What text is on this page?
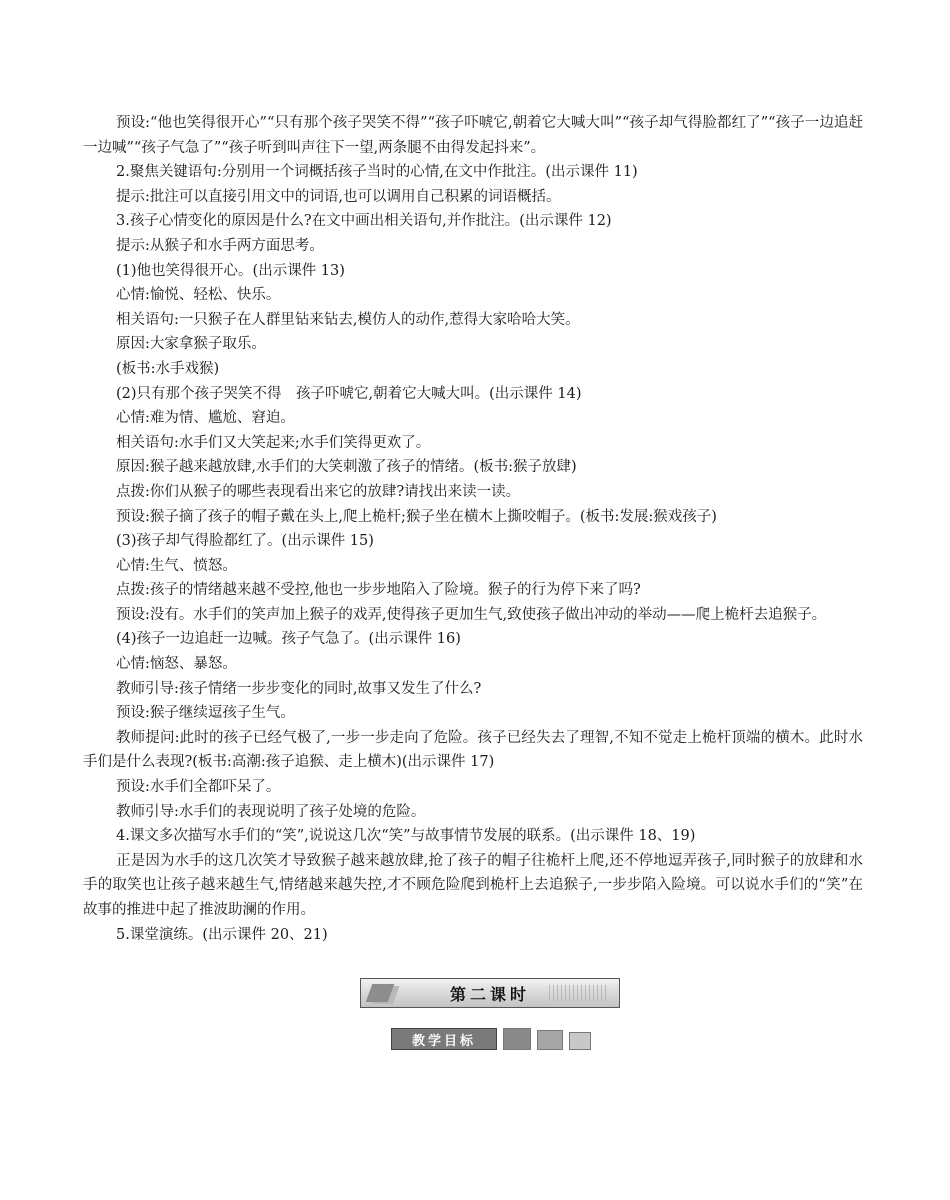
预设:“他也笑得很开心”“只有那个孩子哭笑不得”“孩子吓唬它,朝着它大喊大叫”“孩子却气得脸都红了”“孩子一边追赶一边喊”“孩子气急了”“孩子听到叫声往下一望,两条腿不由得发起抖来”。

2.聚焦关键语句:分别用一个词概括孩子当时的心情,在文中作批注。(出示课件 11)

提示:批注可以直接引用文中的词语,也可以调用自己积累的词语概括。

3.孩子心情变化的原因是什么?在文中画出相关语句,并作批注。(出示课件 12)

提示:从猴子和水手两方面思考。

(1)他也笑得很开心。(出示课件 13)

心情:愉悦、轻松、快乐。

相关语句:一只猴子在人群里钻来钻去,模仿人的动作,惹得大家哈哈大笑。

原因:大家拿猴子取乐。

(板书:水手戏猴)

(2)只有那个孩子哭笑不得　孩子吓唬它,朝着它大喊大叫。(出示课件 14)

心情:难为情、尴尬、窘迫。

相关语句:水手们又大笑起来;水手们笑得更欢了。

原因:猴子越来越放肆,水手们的大笑刺激了孩子的情绪。(板书:猴子放肆)

点拨:你们从猴子的哪些表现看出来它的放肆?请找出来读一读。

预设:猴子摘了孩子的帽子戴在头上,爬上桅杆;猴子坐在横木上撕咬帽子。(板书:发展:猴戏孩子)

(3)孩子却气得脸都红了。(出示课件 15)

心情:生气、愤怒。

点拨:孩子的情绪越来越不受控,他也一步步地陷入了险境。猴子的行为停下来了吗?

预设:没有。水手们的笑声加上猴子的戏弄,使得孩子更加生气,致使孩子做出冲动的举动——爬上桅杆去追猴子。

(4)孩子一边追赶一边喊。孩子气急了。(出示课件 16)

心情:恼怒、暴怒。

教师引导:孩子情绪一步步变化的同时,故事又发生了什么?

预设:猴子继续逗孩子生气。

教师提问:此时的孩子已经气极了,一步一步走向了危险。孩子已经失去了理智,不知不觉走上桅杆顶端的横木。此时水手们是什么表现?(板书:高潮:孩子追猴、走上横木)(出示课件 17)

预设:水手们全都吓呆了。

教师引导:水手们的表现说明了孩子处境的危险。

4.课文多次描写水手们的“笑”,说说这几次“笑”与故事情节发展的联系。(出示课件 18、19)

正是因为水手的这几次笑才导致猴子越来越放肆,抢了孩子的帽子往桅杆上爬,还不停地逗弄孩子,同时猴子的放肆和水手的取笑也让孩子越来越生气,情绪越来越失控,才不顾危险爬到桅杆上去追猴子,一步步陷入险境。可以说水手们的“笑”在故事的推进中起了推波助澜的作用。

5.课堂演练。(出示课件 20、21)

第二课时
教学目标
